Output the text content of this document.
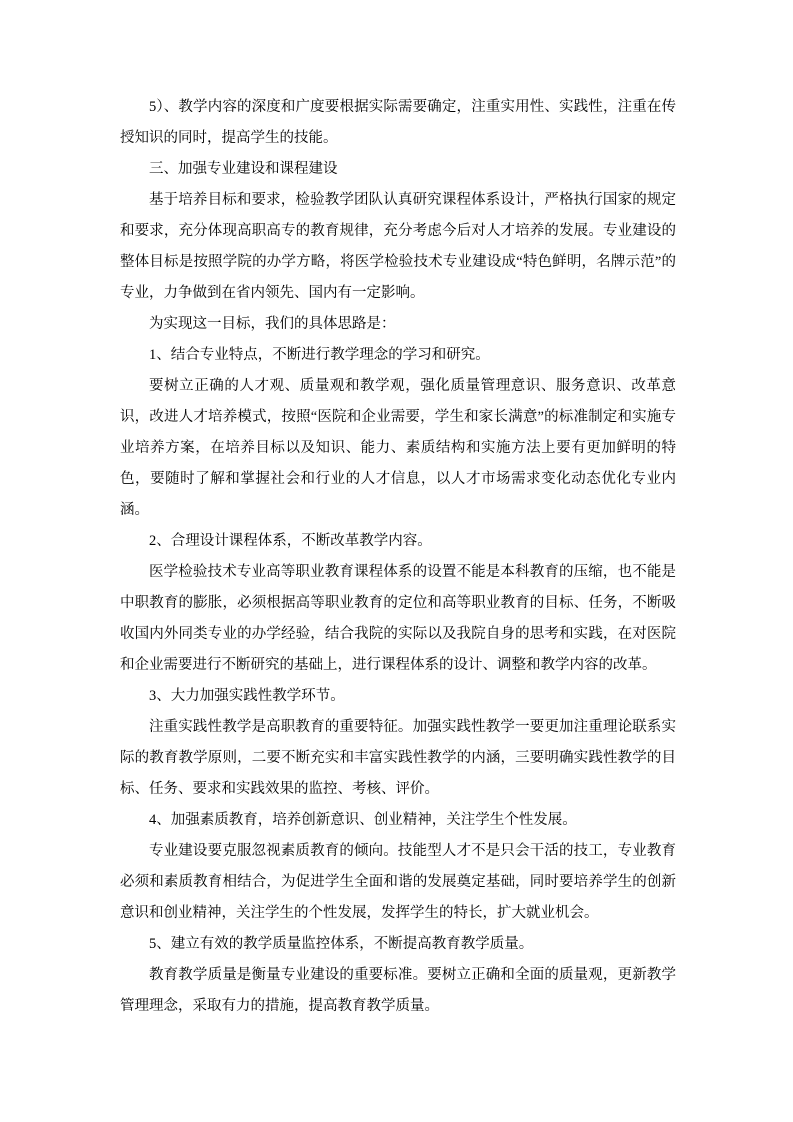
5）、教学内容的深度和广度要根据实际需要确定，注重实用性、实践性，注重在传授知识的同时，提高学生的技能。

三、加强专业建设和课程建设

基于培养目标和要求，检验教学团队认真研究课程体系设计，严格执行国家的规定和要求，充分体现高职高专的教育规律，充分考虑今后对人才培养的发展。专业建设的整体目标是按照学院的办学方略，将医学检验技术专业建设成“特色鲜明，名牌示范”的专业，力争做到在省内领先、国内有一定影响。

为实现这一目标，我们的具体思路是：

1、结合专业特点，不断进行教学理念的学习和研究。

要树立正确的人才观、质量观和教学观，强化质量管理意识、服务意识、改革意识，改进人才培养模式，按照“医院和企业需要，学生和家长满意”的标准制定和实施专业培养方案，在培养目标以及知识、能力、素质结构和实施方法上要有更加鲜明的特色，要随时了解和掌握社会和行业的人才信息，以人才市场需求变化动态优化专业内涵。

2、合理设计课程体系，不断改革教学内容。

医学检验技术专业高等职业教育课程体系的设置不能是本科教育的压缩，也不能是中职教育的膨胀，必须根据高等职业教育的定位和高等职业教育的目标、任务，不断吸收国内外同类专业的办学经验，结合我院的实际以及我院自身的思考和实践，在对医院和企业需要进行不断研究的基础上，进行课程体系的设计、调整和教学内容的改革。

3、大力加强实践性教学环节。

注重实践性教学是高职教育的重要特征。加强实践性教学一要更加注重理论联系实际的教育教学原则，二要不断充实和丰富实践性教学的内涵，三要明确实践性教学的目标、任务、要求和实践效果的监控、考核、评价。

4、加强素质教育，培养创新意识、创业精神，关注学生个性发展。

专业建设要克服忽视素质教育的倾向。技能型人才不是只会干活的技工，专业教育必须和素质教育相结合，为促进学生全面和谐的发展奠定基础，同时要培养学生的创新意识和创业精神，关注学生的个性发展，发挥学生的特长，扩大就业机会。

5、建立有效的教学质量监控体系，不断提高教育教学质量。

教育教学质量是衡量专业建设的重要标准。要树立正确和全面的质量观，更新教学管理理念，采取有力的措施，提高教育教学质量。
